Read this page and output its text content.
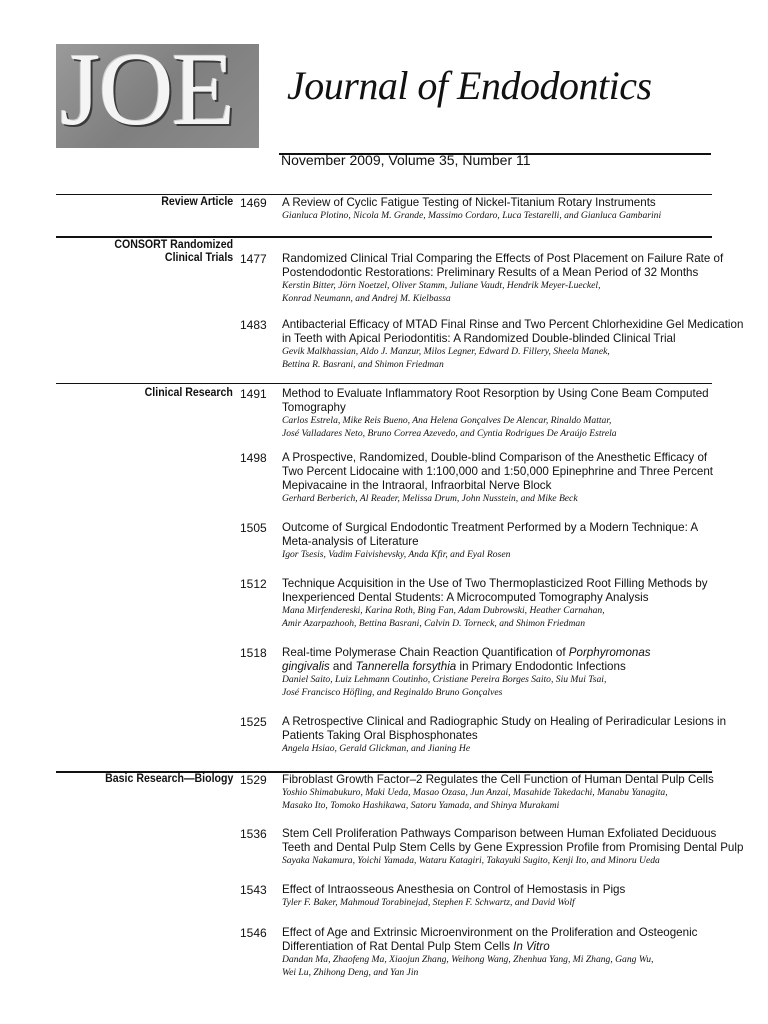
JOE Journal of Endodontics
November 2009, Volume 35, Number 11
Review Article
CONSORT Randomized
Clinical Trials
Clinical Research
Basic Research—Biology
1469 A Review of Cyclic Fatigue Testing of Nickel-Titanium Rotary Instruments
Gianluca Plotino, Nicola M. Grande, Massimo Cordaro, Luca Testarelli, and Gianluca Gambarini
1477 Randomized Clinical Trial Comparing the Effects of Post Placement on Failure Rate of
Postendodontic Restorations: Preliminary Results of a Mean Period of 32 Months
Kerstin Bitter, Jörn Noetzel, Oliver Stamm, Juliane Vaudt, Hendrik Meyer-Lueckel,
Konrad Neumann, and Andrej M. Kielbassa
1483 Antibacterial Efficacy of MTAD Final Rinse and Two Percent Chlorhexidine Gel Medication
in Teeth with Apical Periodontitis: A Randomized Double-blinded Clinical Trial
Gevik Malkhassian, Aldo J. Manzur, Milos Legner, Edward D. Fillery, Sheela Manek,
Bettina R. Basrani, and Shimon Friedman
1491 Method to Evaluate Inflammatory Root Resorption by Using Cone Beam Computed
Tomography
Carlos Estrela, Mike Reis Bueno, Ana Helena Gonçalves De Alencar, Rinaldo Mattar,
José Valladares Neto, Bruno Correa Azevedo, and Cyntia Rodrigues De Araújo Estrela
1498 A Prospective, Randomized, Double-blind Comparison of the Anesthetic Efficacy of
Two Percent Lidocaine with 1:100,000 and 1:50,000 Epinephrine and Three Percent
Mepivacaine in the Intraoral, Infraorbital Nerve Block
Gerhard Berberich, Al Reader, Melissa Drum, John Nusstein, and Mike Beck
1505 Outcome of Surgical Endodontic Treatment Performed by a Modern Technique: A
Meta-analysis of Literature
Igor Tsesis, Vadim Faivishevsky, Anda Kfir, and Eyal Rosen
1512 Technique Acquisition in the Use of Two Thermoplasticized Root Filling Methods by
Inexperienced Dental Students: A Microcomputed Tomography Analysis
Mana Mirfendereski, Karina Roth, Bing Fan, Adam Dubrowski, Heather Carnahan,
Amir Azarpazhooh, Bettina Basrani, Calvin D. Torneck, and Shimon Friedman
1518 Real-time Polymerase Chain Reaction Quantification of Porphyromonas
gingivalis and Tannerella forsythia in Primary Endodontic Infections
Daniel Saito, Luiz Lehmann Coutinho, Cristiane Pereira Borges Saito, Siu Mui Tsai,
José Francisco Höfling, and Reginaldo Bruno Gonçalves
1525 A Retrospective Clinical and Radiographic Study on Healing of Periradicular Lesions in
Patients Taking Oral Bisphosphonates
Angela Hsiao, Gerald Glickman, and Jianing He
1529 Fibroblast Growth Factor–2 Regulates the Cell Function of Human Dental Pulp Cells
Yoshio Shimabukuro, Maki Ueda, Masao Ozasa, Jun Anzai, Masahide Takedachi, Manabu Yanagita,
Masako Ito, Tomoko Hashikawa, Satoru Yamada, and Shinya Murakami
1536 Stem Cell Proliferation Pathways Comparison between Human Exfoliated Deciduous
Teeth and Dental Pulp Stem Cells by Gene Expression Profile from Promising Dental Pulp
Sayaka Nakamura, Yoichi Yamada, Wataru Katagiri, Takayuki Sugito, Kenji Ito, and Minoru Ueda
1543 Effect of Intraosseous Anesthesia on Control of Hemostasis in Pigs
Tyler F. Baker, Mahmoud Torabinejad, Stephen F. Schwartz, and David Wolf
1546 Effect of Age and Extrinsic Microenvironment on the Proliferation and Osteogenic
Differentiation of Rat Dental Pulp Stem Cells In Vitro
Dandan Ma, Zhaofeng Ma, Xiaojun Zhang, Weihong Wang, Zhenhua Yang, Mi Zhang, Gang Wu,
Wei Lu, Zhihong Deng, and Yan Jin
